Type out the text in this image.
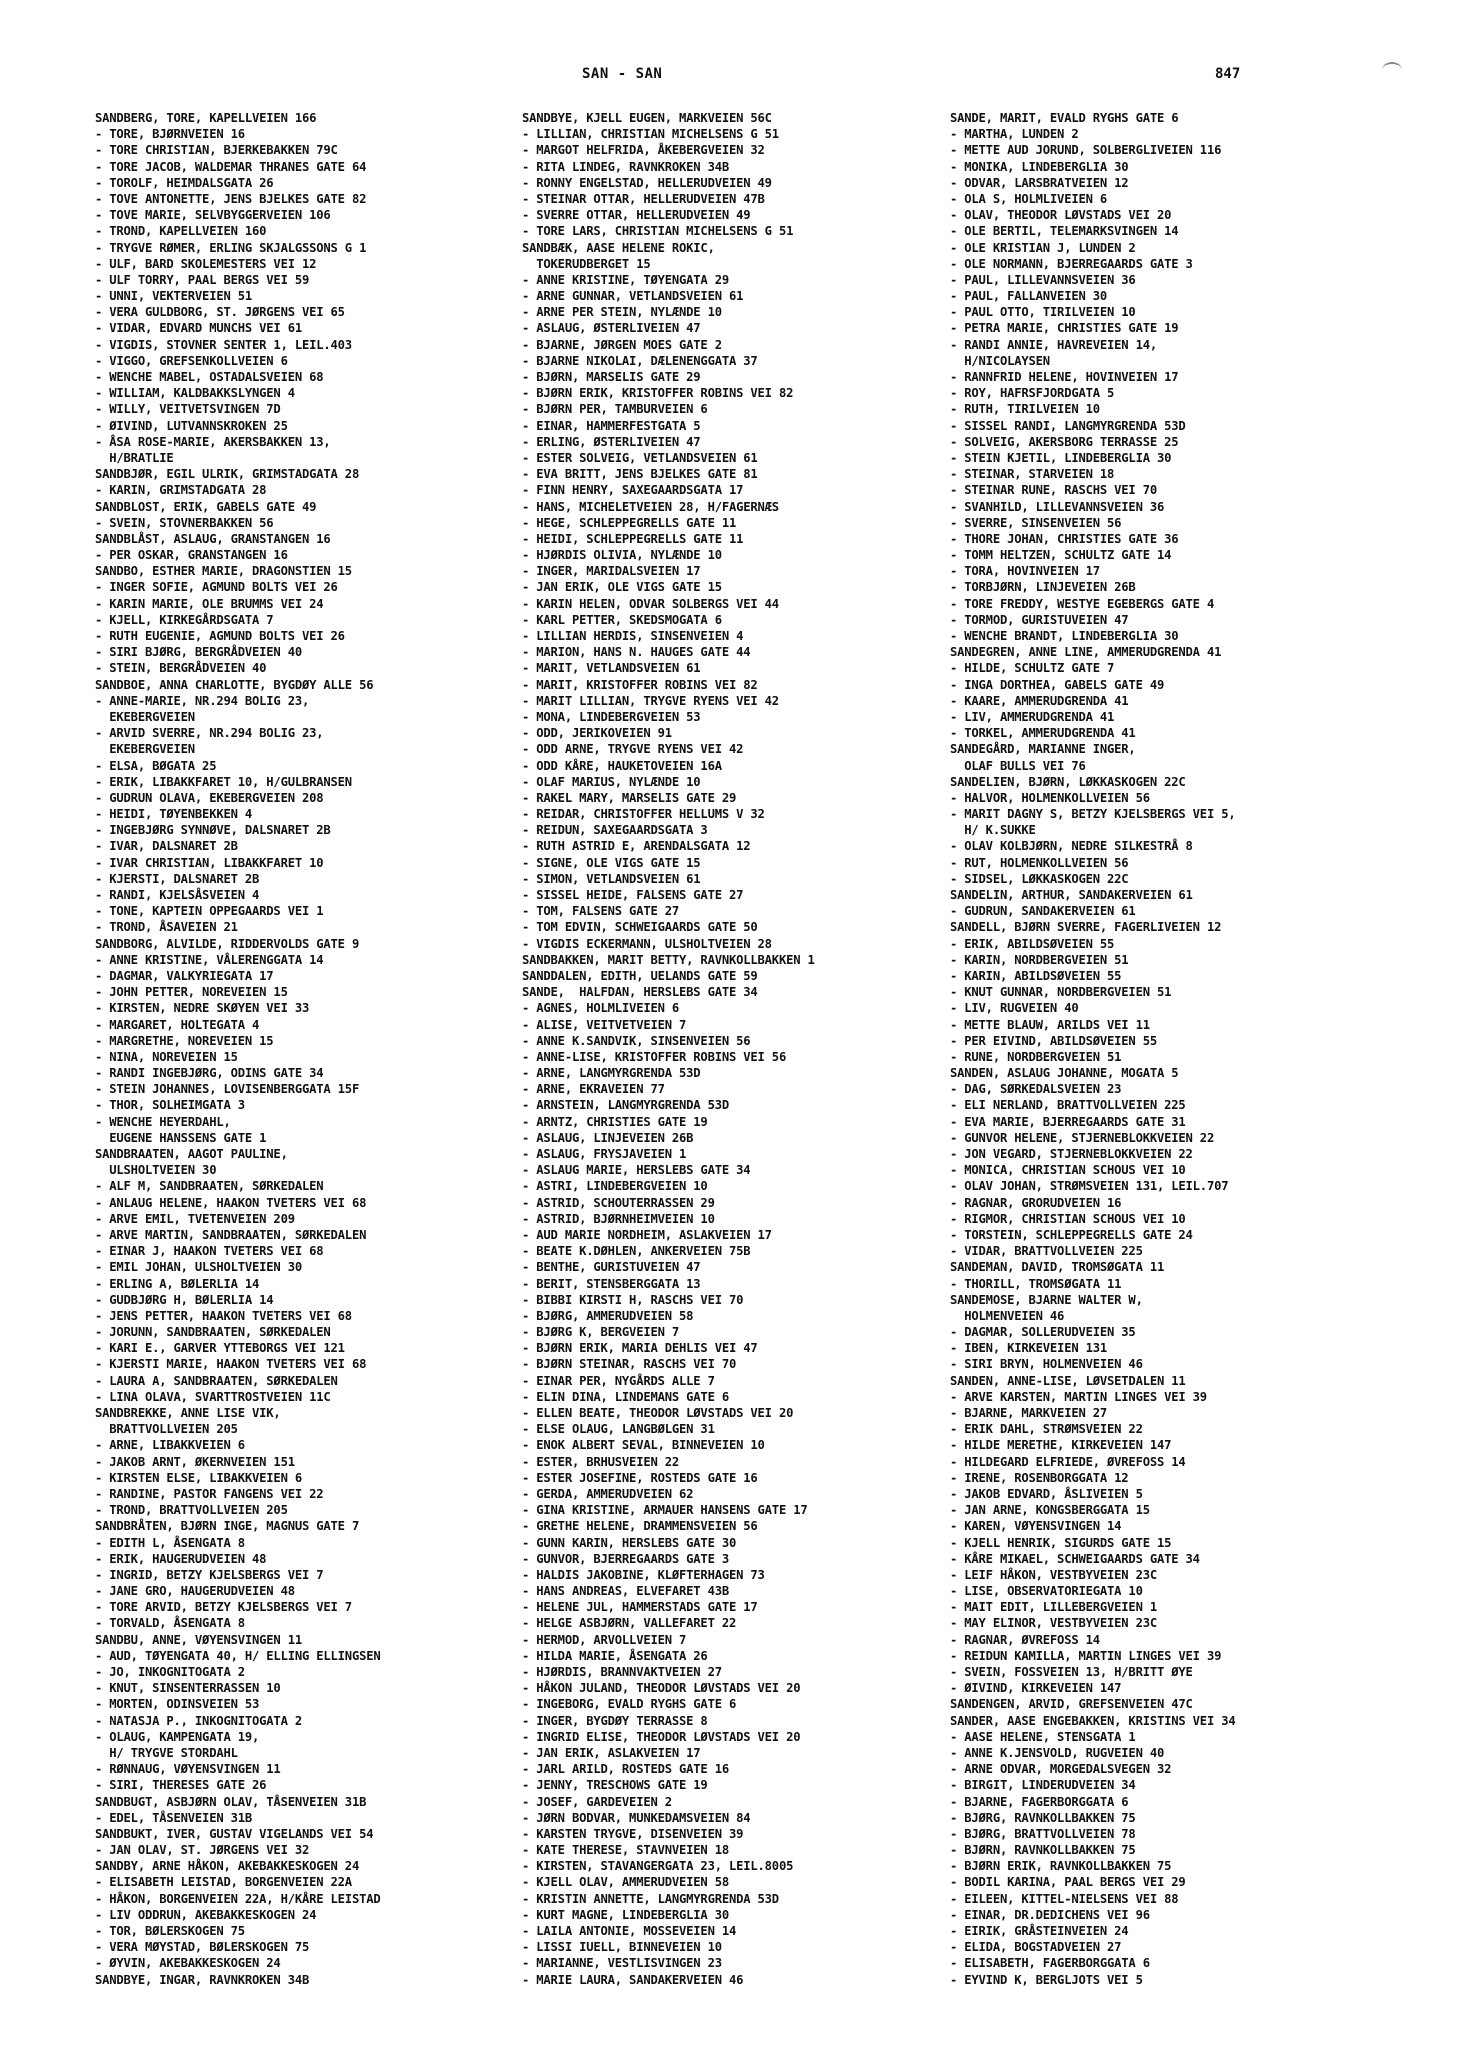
SAN - SAN	847
SANDBERG, TORE, KAPELLVEIEN 166
- TORE, BJØRNVEIEN 16
- TORE CHRISTIAN, BJERKEBAKKEN 79C
- TORE JACOB, WALDEMAR THRANES GATE 64
- TOROLF, HEIMDALSGATA 26
- TOVE ANTONETTE, JENS BJELKES GATE 82
- TOVE MARIE, SELVBYGGERVEIEN 106
- TROND, KAPELLVEIEN 160
- TRYGVE RØMER, ERLING SKJALGSSONS G 1
- ULF, BARD SKOLEMESTERS VEI 12
- ULF TORRY, PAAL BERGS VEI 59
- UNNI, VEKTERVEIEN 51
- VERA GULDBORG, ST. JØRGENS VEI 65
- VIDAR, EDVARD MUNCHS VEI 61
- VIGDIS, STOVNER SENTER 1, LEIL.403
- VIGGO, GREFSENKOLLVEIEN 6
- WENCHE MABEL, OSTADALSVEIEN 68
- WILLIAM, KALDBAKKSLYNGEN 4
- WILLY, VEITVETSVINGEN 7D
- ØIVIND, LUTVANNSKROKEN 25
- ÅSA ROSE-MARIE, AKERSBAKKEN 13,
H/BRATLIE
SANDBJØR, EGIL ULRIK, GRIMSTADGATA 28
- KARIN, GRIMSTADGATA 28
SANDBLOST, ERIK, GABELS GATE 49
- SVEIN, STOVNERBAKKEN 56
SANDBLÅST, ASLAUG, GRANSTANGEN 16
- PER OSKAR, GRANSTANGEN 16
SANDBO, ESTHER MARIE, DRAGONSTIEN 15
- INGER SOFIE, AGMUND BOLTS VEI 26
- KARIN MARIE, OLE BRUMMS VEI 24
- KJELL, KIRKEGÅRDSGATA 7
- RUTH EUGENIE, AGMUND BOLTS VEI 26
- SIRI BJØRG, BERGRÅDVEIEN 40
- STEIN, BERGRÅDVEIEN 40
SANDBOE, ANNA CHARLOTTE, BYGDØY ALLE 56
- ANNE-MARIE, NR.294 BOLIG 23,
EKEBERGVEIEN
- ARVID SVERRE, NR.294 BOLIG 23,
EKEBERGVEIEN
- ELSA, BØGATA 25
- ERIK, LIBAKKFARET 10, H/GULBRANSEN
- GUDRUN OLAVA, EKEBERGVEIEN 208
- HEIDI, TØYENBEKKEN 4
- INGEBJØRG SYNNØVE, DALSNARET 2B
- IVAR, DALSNARET 2B
- IVAR CHRISTIAN, LIBAKKFARET 10
- KJERSTI, DALSNARET 2B
- RANDI, KJELSÅSVEIEN 4
- TONE, KAPTEIN OPPEGAARDS VEI 1
- TROND, ÅSAVEIEN 21
SANDBORG, ALVILDE, RIDDERVOLDS GATE 9
- ANNE KRISTINE, VÅLERENGGATA 14
- DAGMAR, VALKYRIEGATA 17
- JOHN PETTER, NOREVEIEN 15
- KIRSTEN, NEDRE SKØYEN VEI 33
- MARGARET, HOLTEGATA 4
- MARGRETHE, NOREVEIEN 15
- NINA, NOREVEIEN 15
- RANDI INGEBJØRG, ODINS GATE 34
- STEIN JOHANNES, LOVISENBERGGATA 15F
- THOR, SOLHEIMGATA 3
- WENCHE HEYERDAHL,
EUGENE HANSSENS GATE 1
SANDBRAATEN, AAGOT PAULINE,
ULSHOLTVEIEN 30
- ALF M, SANDBRAATEN, SØRKEDALEN
- ANLAUG HELENE, HAAKON TVETERS VEI 68
- ARVE EMIL, TVETENVEIEN 209
- ARVE MARTIN, SANDBRAATEN, SØRKEDALEN
- EINAR J, HAAKON TVETERS VEI 68
- EMIL JOHAN, ULSHOLTVEIEN 30
- ERLING A, BØLERLIA 14
- GUDBJØRG H, BØLERLIA 14
- JENS PETTER, HAAKON TVETERS VEI 68
- JORUNN, SANDBRAATEN, SØRKEDALEN
- KARI E., GARVER YTTEBORGS VEI 121
- KJERSTI MARIE, HAAKON TVETERS VEI 68
- LAURA A, SANDBRAATEN, SØRKEDALEN
- LINA OLAVA, SVARTTROSTVEIEN 11C
SANDBREKKE, ANNE LISE VIK,
BRATTVOLLVEIEN 205
- ARNE, LIBAKKVEIEN 6
- JAKOB ARNT, ØKERNVEIEN 151
- KIRSTEN ELSE, LIBAKKVEIEN 6
- RANDINE, PASTOR FANGENS VEI 22
- TROND, BRATTVOLLVEIEN 205
SANDBRÅTEN, BJØRN INGE, MAGNUS GATE 7
- EDITH L, ÅSENGATA 8
- ERIK, HAUGERUDVEIEN 48
- INGRID, BETZY KJELSBERGS VEI 7
- JANE GRO, HAUGERUDVEIEN 48
- TORE ARVID, BETZY KJELSBERGS VEI 7
- TORVALD, ÅSENGATA 8
SANDBU, ANNE, VØYENSVINGEN 11
- AUD, TØYENGATA 40, H/ ELLING ELLINGSEN
- JO, INKOGNITOGATA 2
- KNUT, SINSENTERRASSEN 10
- MORTEN, ODINSVEIEN 53
- NATASJA P., INKOGNITOGATA 2
- OLAUG, KAMPENGATA 19,
H/ TRYGVE STORDAHL
- RØNNAUG, VØYENSVINGEN 11
- SIRI, THERESES GATE 26
SANDBUGT, ASBJØRN OLAV, TÅSENVEIEN 31B
- EDEL, TÅSENVEIEN 31B
SANDBUKT, IVER, GUSTAV VIGELANDS VEI 54
- JAN OLAV, ST. JØRGENS VEI 32
SANDBY, ARNE HÅKON, AKEBAKKESKOGEN 24
- ELISABETH LEISTAD, BORGENVEIEN 22A
- HÅKON, BORGENVEIEN 22A, H/KÅRE LEISTAD
- LIV ODDRUN, AKEBAKKESKOGEN 24
- TOR, BØLERSKOGEN 75
- VERA MØYSTAD, BØLERSKOGEN 75
- ØYVIN, AKEBAKKESKOGEN 24
SANDBYE, INGAR, RAVNKROKEN 34B
SANDBYE, KJELL EUGEN, MARKVEIEN 56C
- LILLIAN, CHRISTIAN MICHELSENS G 51
- MARGOT HELFRIDA, ÅKEBERGVEIEN 32
- RITA LINDEG, RAVNKROKEN 34B
- RONNY ENGELSTAD, HELLERUDVEIEN 49
- STEINAR OTTAR, HELLERUDVEIEN 47B
- SVERRE OTTAR, HELLERUDVEIEN 49
- TORE LARS, CHRISTIAN MICHELSENS G 51
SANDBÆK, AASE HELENE ROKIC,
TOKERUDBERGET 15
- ANNE KRISTINE, TØYENGATA 29
- ARNE GUNNAR, VETLANDSVEIEN 61
- ARNE PER STEIN, NYLÆNDE 10
- ASLAUG, ØSTERLIVEIEN 47
- BJARNE, JØRGEN MOES GATE 2
- BJARNE NIKOLAI, DÆLENENGGATA 37
- BJØRN, MARSELIS GATE 29
- BJØRN ERIK, KRISTOFFER ROBINS VEI 82
- BJØRN PER, TAMBURVEIEN 6
- EINAR, HAMMERFESTGATA 5
- ERLING, ØSTERLIVEIEN 47
- ESTER SOLVEIG, VETLANDSVEIEN 61
- EVA BRITT, JENS BJELKES GATE 81
- FINN HENRY, SAXEGAARDSGATA 17
- HANS, MICHELETVEIEN 28, H/FAGERNÆS
- HEGE, SCHLEPPEGRELLS GATE 11
- HEIDI, SCHLEPPEGRELLS GATE 11
- HJØRDIS OLIVIA, NYLÆNDE 10
- INGER, MARIDALSVEIEN 17
- JAN ERIK, OLE VIGS GATE 15
- KARIN HELEN, ODVAR SOLBERGS VEI 44
- KARL PETTER, SKEDSMOGATA 6
- LILLIAN HERDIS, SINSENVEIEN 4
- MARION, HANS N. HAUGES GATE 44
- MARIT, VETLANDSVEIEN 61
- MARIT, KRISTOFFER ROBINS VEI 82
- MARIT LILLIAN, TRYGVE RYENS VEI 42
- MONA, LINDEBERGVEIEN 53
- ODD, JERIKOVEIEN 91
- ODD ARNE, TRYGVE RYENS VEI 42
- ODD KÅRE, HAUKETOVEIEN 16A
- OLAF MARIUS, NYLÆNDE 10
- RAKEL MARY, MARSELIS GATE 29
- REIDAR, CHRISTOFFER HELLUMS V 32
- REIDUN, SAXEGAARDSGATA 3
- RUTH ASTRID E, ARENDALSGATA 12
- SIGNE, OLE VIGS GATE 15
- SIMON, VETLANDSVEIEN 61
- SISSEL HEIDE, FALSENS GATE 27
- TOM, FALSENS GATE 27
- TOM EDVIN, SCHWEIGAARDS GATE 50
- VIGDIS ECKERMANN, ULSHOLTVEIEN 28
SANDBAKKEN, MARIT BETTY, RAVNKOLLBAKKEN 1
SANDDALEN, EDITH, UELANDS GATE 59
SANDE,  HALFDAN, HERSLEBS GATE 34
- AGNES, HOLMLIVEIEN 6
- ALISE, VEITVETVEIEN 7
- ANNE K.SANDVIK, SINSENVEIEN 56
- ANNE-LISE, KRISTOFFER ROBINS VEI 56
- ARNE, LANGMYRGRENDA 53D
- ARNE, EKRAVEIEN 77
- ARNSTEIN, LANGMYRGRENDA 53D
- ARNTZ, CHRISTIES GATE 19
- ASLAUG, LINJEVEIEN 26B
- ASLAUG, FRYSJAVEIEN 1
- ASLAUG MARIE, HERSLEBS GATE 34
- ASTRI, LINDEBERGVEIEN 10
- ASTRID, SCHOUTERRASSEN 29
- ASTRID, BJØRNHEIMVEIEN 10
- AUD MARIE NORDHEIM, ASLAKVEIEN 17
- BEATE K.DØHLEN, ANKERVEIEN 75B
- BENTHE, GURISTUVEIEN 47
- BERIT, STENSBERGGATA 13
- BIBBI KIRSTI H, RASCHS VEI 70
- BJØRG, AMMERUDVEIEN 58
- BJØRG K, BERGVEIEN 7
- BJØRN ERIK, MARIA DEHLIS VEI 47
- BJØRN STEINAR, RASCHS VEI 70
- EINAR PER, NYGÅRDS ALLE 7
- ELIN DINA, LINDEMANS GATE 6
- ELLEN BEATE, THEODOR LØVSTADS VEI 20
- ELSE OLAUG, LANGBØLGEN 31
- ENOK ALBERT SEVAL, BINNEVEIEN 10
- ESTER, BRHUSVEIEN 22
- ESTER JOSEFINE, ROSTEDS GATE 16
- GERDA, AMMERUDVEIEN 62
- GINA KRISTINE, ARMAUER HANSENS GATE 17
- GRETHE HELENE, DRAMMENSVEIEN 56
- GUNN KARIN, HERSLEBS GATE 30
- GUNVOR, BJERREGAARDS GATE 3
- HALDIS JAKOBINE, KLØFTERHAGEN 73
- HANS ANDREAS, ELVEFARET 43B
- HELENE JUL, HAMMERSTADS GATE 17
- HELGE ASBJØRN, VALLEFARET 22
- HERMOD, ARVOLLVEIEN 7
- HILDA MARIE, ÅSENGATA 26
- HJØRDIS, BRANNVAKTVEIEN 27
- HÅKON JULAND, THEODOR LØVSTADS VEI 20
- INGEBORG, EVALD RYGHS GATE 6
- INGER, BYGDØY TERRASSE 8
- INGRID ELISE, THEODOR LØVSTADS VEI 20
- JAN ERIK, ASLAKVEIEN 17
- JARL ARILD, ROSTEDS GATE 16
- JENNY, TRESCHOWS GATE 19
- JOSEF, GARDEVEIEN 2
- JØRN BODVAR, MUNKEDAMSVEIEN 84
- KARSTEN TRYGVE, DISENVEIEN 39
- KATE THERESE, STAVNVEIEN 18
- KIRSTEN, STAVANGERGATA 23, LEIL.8005
- KJELL OLAV, AMMERUDVEIEN 58
- KRISTIN ANNETTE, LANGMYRGRENDA 53D
- KURT MAGNE, LINDEBERGLIA 30
- LAILA ANTONIE, MOSSEVEIEN 14
- LISSI IUELL, BINNEVEIEN 10
- MARIANNE, VESTLISVINGEN 23
- MARIE LAURA, SANDAKERVEIEN 46
SANDE, MARIT, EVALD RYGHS GATE 6
- MARTHA, LUNDEN 2
- METTE AUD JORUND, SOLBERGLIVEIEN 116
- MONIKA, LINDEBERGLIA 30
- ODVAR, LARSBRATVEIEN 12
- OLA S, HOLMLIVEIEN 6
- OLAV, THEODOR LØVSTADS VEI 20
- OLE BERTIL, TELEMARKSVINGEN 14
- OLE KRISTIAN J, LUNDEN 2
- OLE NORMANN, BJERREGAARDS GATE 3
- PAUL, LILLEVANNSVEIEN 36
- PAUL, FALLANVEIEN 30
- PAUL OTTO, TIRILVEIEN 10
- PETRA MARIE, CHRISTIES GATE 19
- RANDI ANNIE, HAVREVEIEN 14,
H/NICOLAYSEN
- RANNFRID HELENE, HOVINVEIEN 17
- ROY, HAFRSFJORDGATA 5
- RUTH, TIRILVEIEN 10
- SISSEL RANDI, LANGMYRGRENDA 53D
- SOLVEIG, AKERSBORG TERRASSE 25
- STEIN KJETIL, LINDEBERGLIA 30
- STEINAR, STARVEIEN 18
- STEINAR RUNE, RASCHS VEI 70
- SVANHILD, LILLEVANNSVEIEN 36
- SVERRE, SINSENVEIEN 56
- THORE JOHAN, CHRISTIES GATE 36
- TOMM HELTZEN, SCHULTZ GATE 14
- TORA, HOVINVEIEN 17
- TORBJØRN, LINJEVEIEN 26B
- TORE FREDDY, WESTYE EGEBERGS GATE 4
- TORMOD, GURISTUVEIEN 47
- WENCHE BRANDT, LINDEBERGLIA 30
SANDEGREN, ANNE LINE, AMMERUDGRENDA 41
- HILDE, SCHULTZ GATE 7
- INGA DORTHEA, GABELS GATE 49
- KAARE, AMMERUDGRENDA 41
- LIV, AMMERUDGRENDA 41
- TORKEL, AMMERUDGRENDA 41
SANDEGÅRD, MARIANNE INGER,
OLAF BULLS VEI 76
SANDELIEN, BJØRN, LØKKASKOGEN 22C
- HALVOR, HOLMENKOLLVEIEN 56
- MARIT DAGNY S, BETZY KJELSBERGS VEI 5,
H/ K.SUKKE
- OLAV KOLBJØRN, NEDRE SILKESTRÅ 8
- RUT, HOLMENKOLLVEIEN 56
- SIDSEL, LØKKASKOGEN 22C
SANDELIN, ARTHUR, SANDAKERVEIEN 61
- GUDRUN, SANDAKERVEIEN 61
SANDELL, BJØRN SVERRE, FAGERLIVEIEN 12
- ERIK, ABILDSØVEIEN 55
- KARIN, NORDBERGVEIEN 51
- KARIN, ABILDSØVEIEN 55
- KNUT GUNNAR, NORDBERGVEIEN 51
- LIV, RUGVEIEN 40
- METTE BLAUW, ARILDS VEI 11
- PER EIVIND, ABILDSØVEIEN 55
- RUNE, NORDBERGVEIEN 51
SANDEN, ASLAUG JOHANNE, MOGATA 5
- DAG, SØRKEDALSVEIEN 23
- ELI NERLAND, BRATTVOLLVEIEN 225
- EVA MARIE, BJERREGAARDS GATE 31
- GUNVOR HELENE, STJERNEBLOKKVEIEN 22
- JON VEGARD, STJERNEBLOKKVEIEN 22
- MONICA, CHRISTIAN SCHOUS VEI 10
- OLAV JOHAN, STRØMSVEIEN 131, LEIL.707
- RAGNAR, GRORUDVEIEN 16
- RIGMOR, CHRISTIAN SCHOUS VEI 10
- TORSTEIN, SCHLEPPEGRELLS GATE 24
- VIDAR, BRATTVOLLVEIEN 225
SANDEMAN, DAVID, TROMSØGATA 11
- THORILL, TROMSØGATA 11
SANDEMOSE, BJARNE WALTER W,
HOLMENVEIEN 46
- DAGMAR, SOLLERUDVEIEN 35
- IBEN, KIRKEVEIEN 131
- SIRI BRYN, HOLMENVEIEN 46
SANDEN, ANNE-LISE, LØVSETDALEN 11
- ARVE KARSTEN, MARTIN LINGES VEI 39
- BJARNE, MARKVEIEN 27
- ERIK DAHL, STRØMSVEIEN 22
- HILDE MERETHE, KIRKEVEIEN 147
- HILDEGARD ELFRIEDE, ØVREFOSS 14
- IRENE, ROSENBORGGATA 12
- JAKOB EDVARD, ÅSLIVEIEN 5
- JAN ARNE, KONGSBERGGATA 15
- KAREN, VØYENSVINGEN 14
- KJELL HENRIK, SIGURDS GATE 15
- KÅRE MIKAEL, SCHWEIGAARDS GATE 34
- LEIF HÅKON, VESTBYVEIEN 23C
- LISE, OBSERVATORIEGATA 10
- MAIT EDIT, LILLEBERGVEIEN 1
- MAY ELINOR, VESTBYVEIEN 23C
- RAGNAR, ØVREFOSS 14
- REIDUN KAMILLA, MARTIN LINGES VEI 39
- SVEIN, FOSSVEIEN 13, H/BRITT ØYE
- ØIVIND, KIRKEVEIEN 147
SANDENGEN, ARVID, GREFSENVEIEN 47C
SANDER, AASE ENGEBAKKEN, KRISTINS VEI 34
- AASE HELENE, STENSGATA 1
- ANNE K.JENSVOLD, RUGVEIEN 40
- ARNE ODVAR, MORGEDALSVEGEN 32
- BIRGIT, LINDERUDVEIEN 34
- BJARNE, FAGERBORGGATA 6
- BJØRG, RAVNKOLLBAKKEN 75
- BJØRG, BRATTVOLLVEIEN 78
- BJØRN, RAVNKOLLBAKKEN 75
- BJØRN ERIK, RAVNKOLLBAKKEN 75
- BODIL KARINA, PAAL BERGS VEI 29
- EILEEN, KITTEL-NIELSENS VEI 88
- EINAR, DR.DEDICHENS VEI 96
- EIRIK, GRÅSTEINVEIEN 24
- ELIDA, BOGSTADVEIEN 27
- ELISABETH, FAGERBORGGATA 6
- EYVIND K, BERGLJOTS VEI 5
